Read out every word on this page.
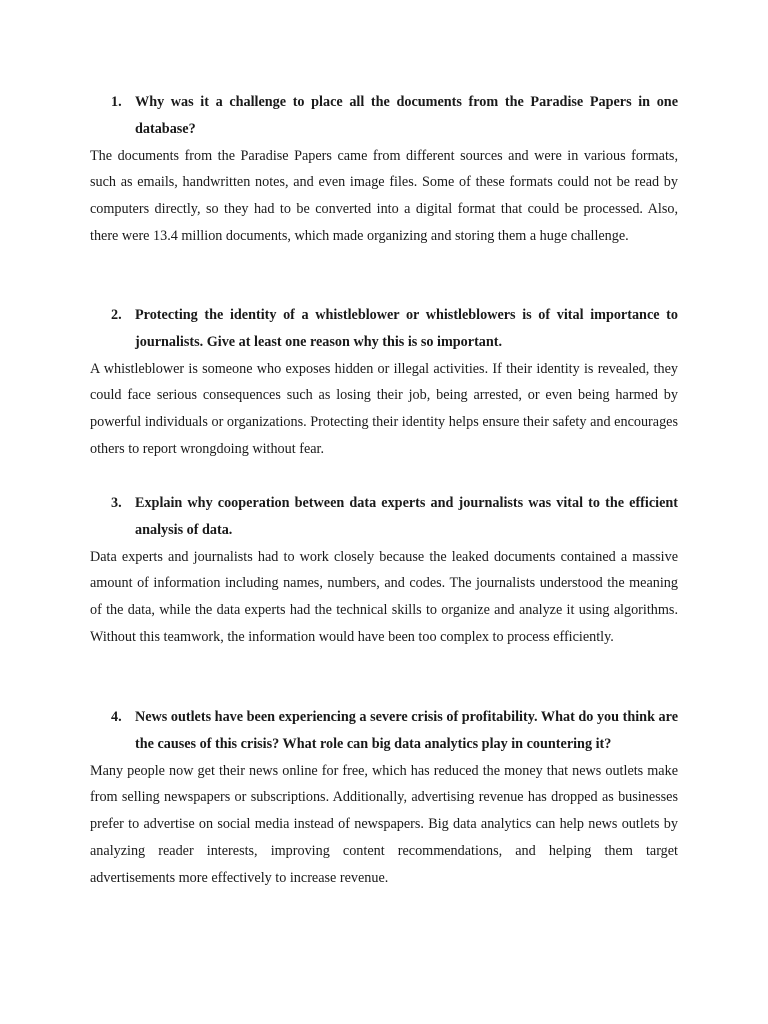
1. Why was it a challenge to place all the documents from the Paradise Papers in one database?

The documents from the Paradise Papers came from different sources and were in various formats, such as emails, handwritten notes, and even image files. Some of these formats could not be read by computers directly, so they had to be converted into a digital format that could be processed. Also, there were 13.4 million documents, which made organizing and storing them a huge challenge.

2. Protecting the identity of a whistleblower or whistleblowers is of vital importance to journalists. Give at least one reason why this is so important.

A whistleblower is someone who exposes hidden or illegal activities. If their identity is revealed, they could face serious consequences such as losing their job, being arrested, or even being harmed by powerful individuals or organizations. Protecting their identity helps ensure their safety and encourages others to report wrongdoing without fear.

3. Explain why cooperation between data experts and journalists was vital to the efficient analysis of data.

Data experts and journalists had to work closely because the leaked documents contained a massive amount of information including names, numbers, and codes. The journalists understood the meaning of the data, while the data experts had the technical skills to organize and analyze it using algorithms. Without this teamwork, the information would have been too complex to process efficiently.

4. News outlets have been experiencing a severe crisis of profitability. What do you think are the causes of this crisis? What role can big data analytics play in countering it?

Many people now get their news online for free, which has reduced the money that news outlets make from selling newspapers or subscriptions. Additionally, advertising revenue has dropped as businesses prefer to advertise on social media instead of newspapers. Big data analytics can help news outlets by analyzing reader interests, improving content recommendations, and helping them target advertisements more effectively to increase revenue.
